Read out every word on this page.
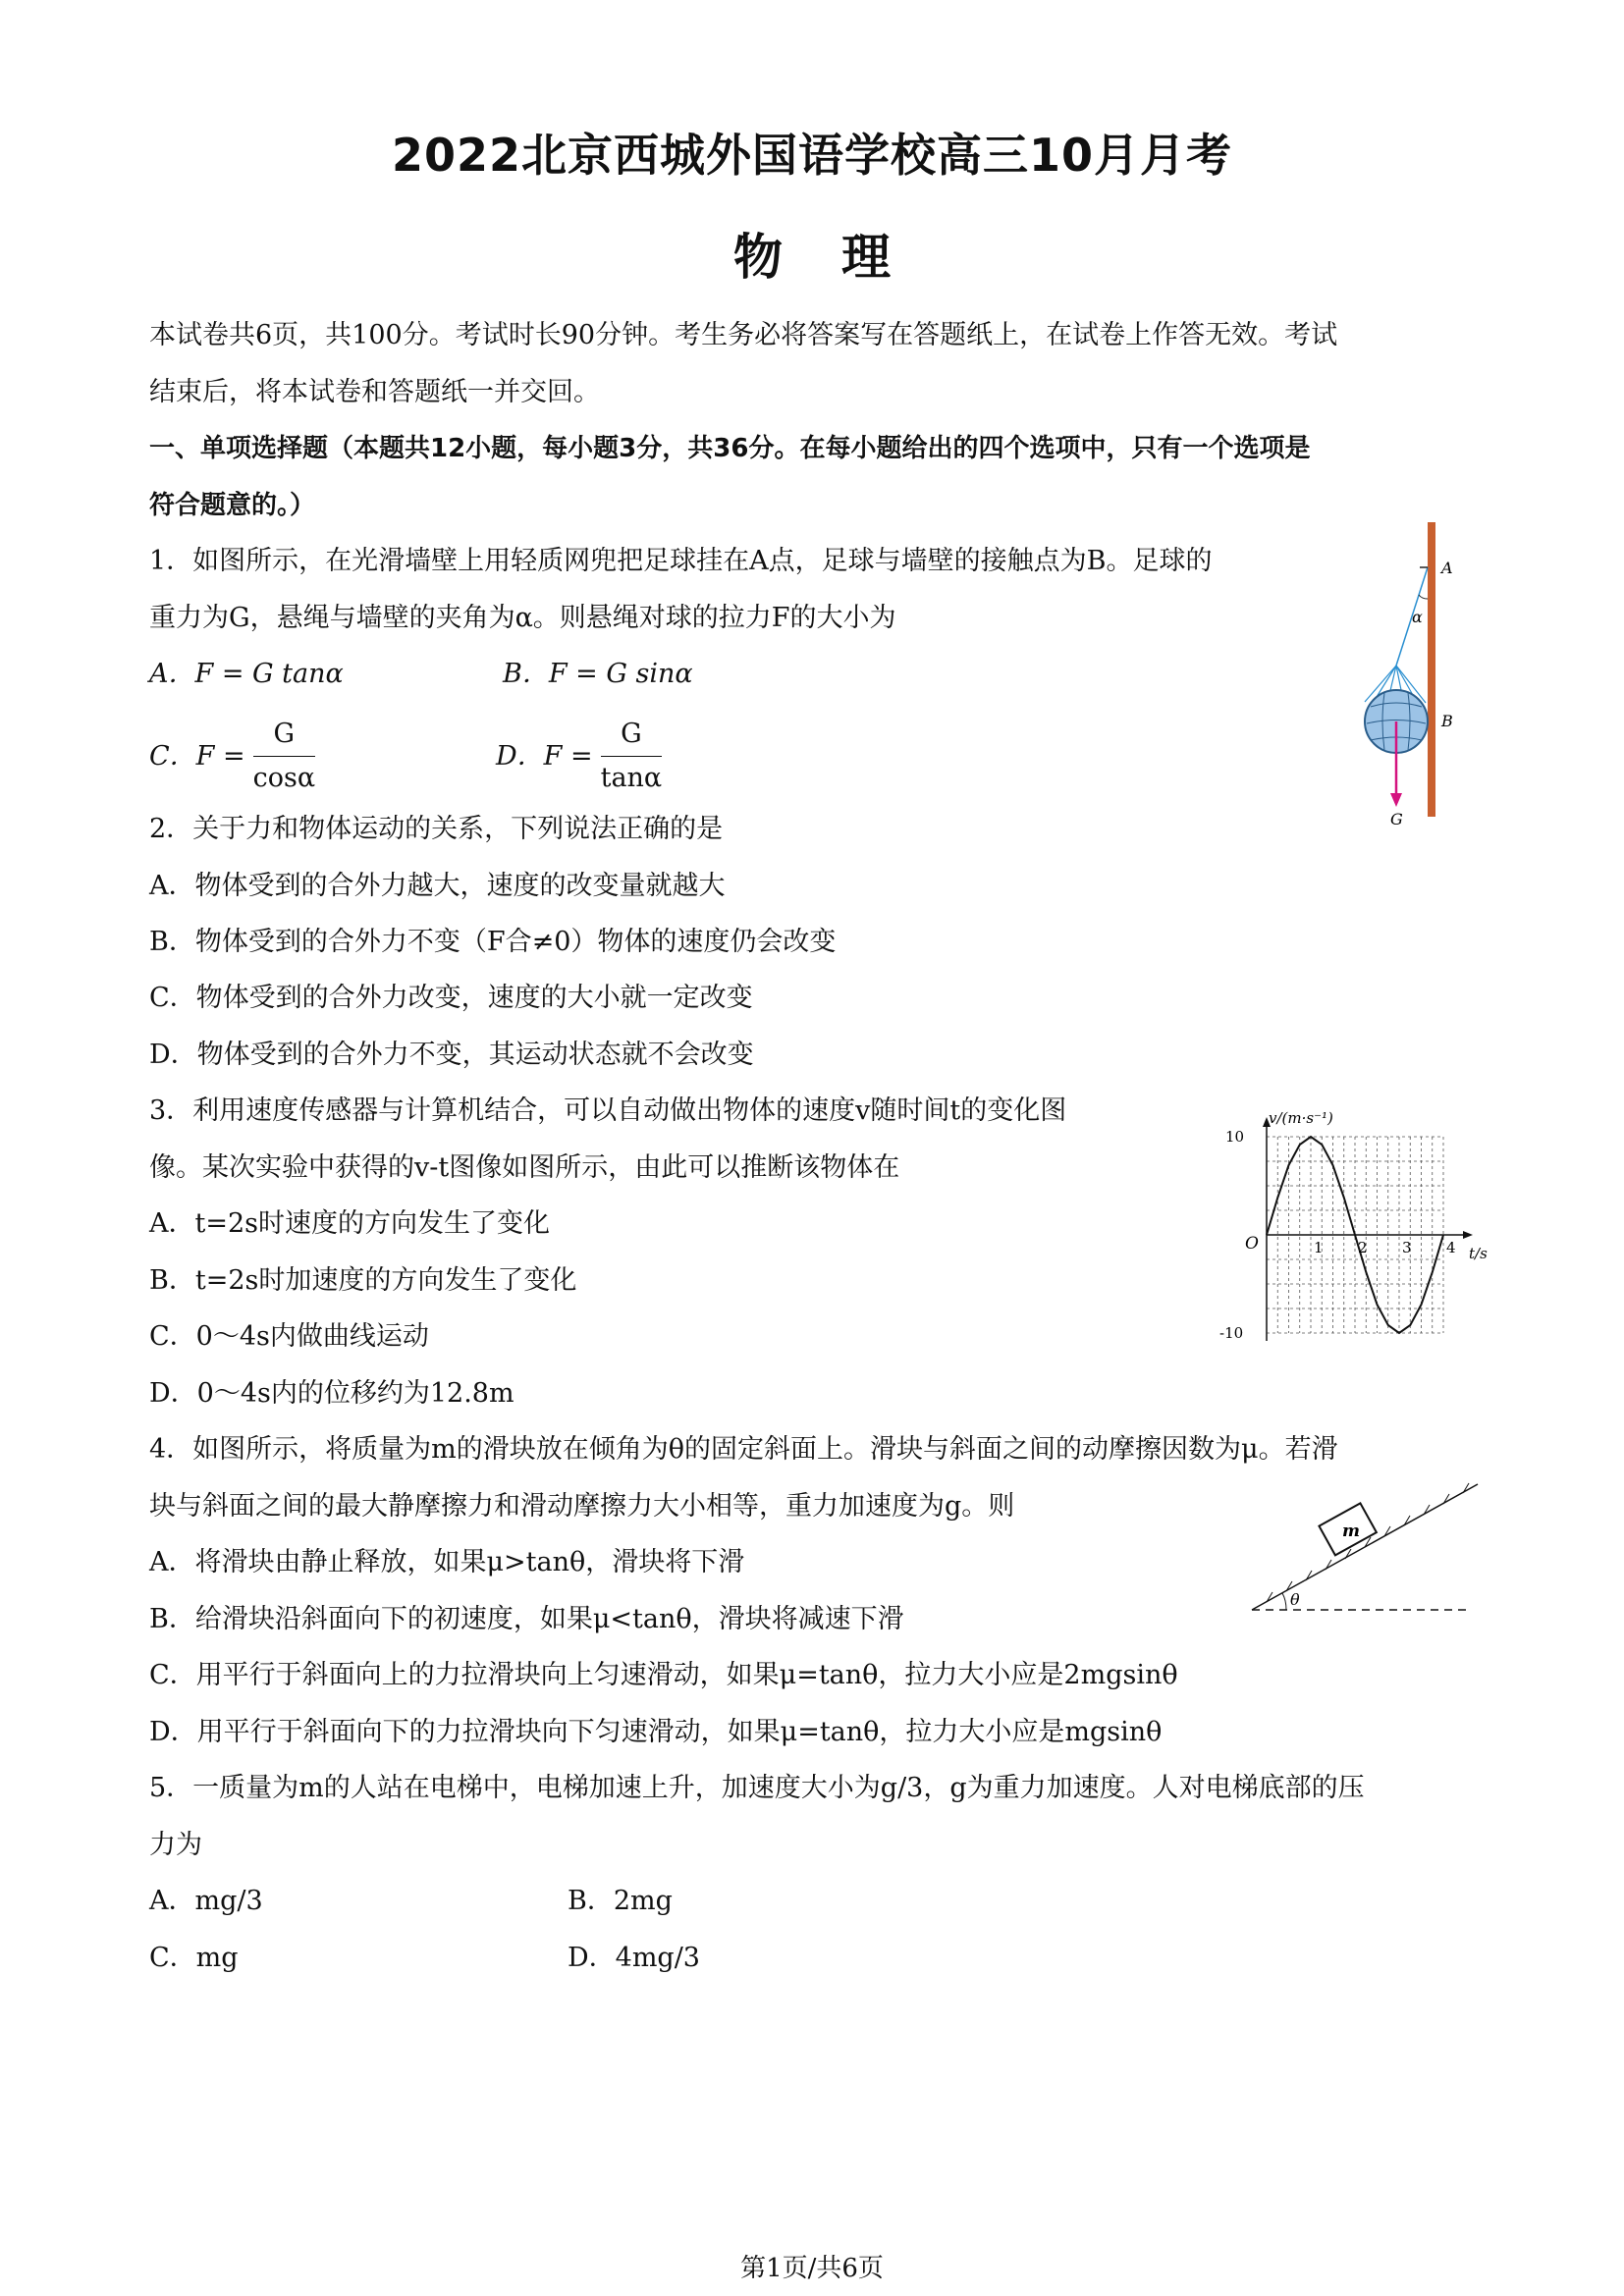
2022北京西城外国语学校高三10月月考
物理
本试卷共6页，共100分。考试时长90分钟。考生务必将答案写在答题纸上，在试卷上作答无效。考试
结束后，将本试卷和答题纸一并交回。
一、单项选择题（本题共12小题，每小题3分，共36分。在每小题给出的四个选项中，只有一个选项是
符合题意的。）
1．如图所示，在光滑墙壁上用轻质网兜把足球挂在A点，足球与墙壁的接触点为B。足球的
重力为G，悬绳与墙壁的夹角为α。则悬绳对球的拉力F的大小为
A．F = G tanα	B．F = G sinα
C．$F = \frac{G}{\cos\alpha}$	D．$F = \frac{G}{\tan\alpha}$
A
α
B
G
2．关于力和物体运动的关系，下列说法正确的是
A．物体受到的合外力越大，速度的改变量就越大
B．物体受到的合外力不变（F合≠0）物体的速度仍会改变
C．物体受到的合外力改变，速度的大小就一定改变
D．物体受到的合外力不变，其运动状态就不会改变
3．利用速度传感器与计算机结合，可以自动做出物体的速度v随时间t的变化图
像。某次实验中获得的v-t图像如图所示，由此可以推断该物体在
A．t=2s时速度的方向发生了变化
B．t=2s时加速度的方向发生了变化
C．0～4s内做曲线运动
D．0～4s内的位移约为12.8m
1 2 3 4
10
-10
v/(m·s⁻¹)
t/s
O
4．如图所示，将质量为m的滑块放在倾角为θ的固定斜面上。滑块与斜面之间的动摩擦因数为μ。若滑
块与斜面之间的最大静摩擦力和滑动摩擦力大小相等，重力加速度为g。则
A．将滑块由静止释放，如果μ>tanθ，滑块将下滑
B．给滑块沿斜面向下的初速度，如果μ<tanθ，滑块将减速下滑
C．用平行于斜面向上的力拉滑块向上匀速滑动，如果μ=tanθ，拉力大小应是2mgsinθ
D．用平行于斜面向下的力拉滑块向下匀速滑动，如果μ=tanθ，拉力大小应是mgsinθ
m
θ
5．一质量为m的人站在电梯中，电梯加速上升，加速度大小为g/3，g为重力加速度。人对电梯底部的压
力为
A．mg/3	B．2mg
C．mg	D．4mg/3
第1页/共6页
